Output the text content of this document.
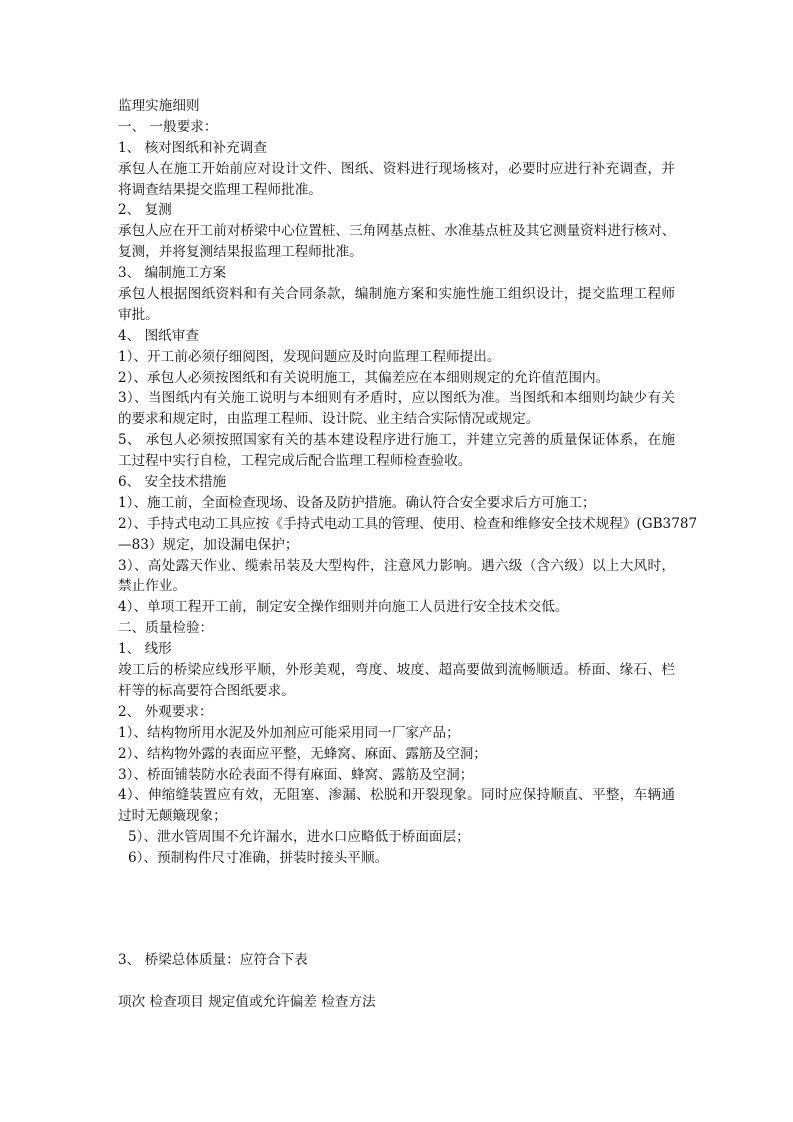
监理实施细则
一、 一般要求：
1、 核对图纸和补充调查
承包人在施工开始前应对设计文件、图纸、资料进行现场核对，必要时应进行补充调查，并
将调查结果提交监理工程师批准。
2、 复测
承包人应在开工前对桥梁中心位置桩、三角网基点桩、水准基点桩及其它测量资料进行核对、
复测，并将复测结果报监理工程师批准。
3、 编制施工方案
承包人根据图纸资料和有关合同条款，编制施方案和实施性施工组织设计，提交监理工程师
审批。
4、 图纸审查
1）、开工前必须仔细阅图，发现问题应及时向监理工程师提出。
2）、承包人必须按图纸和有关说明施工，其偏差应在本细则规定的允许值范围内。
3）、当图纸内有关施工说明与本细则有矛盾时，应以图纸为准。当图纸和本细则均缺少有关
的要求和规定时，由监理工程师、设计院、业主结合实际情况或规定。
5、 承包人必须按照国家有关的基本建设程序进行施工，并建立完善的质量保证体系，在施
工过程中实行自检，工程完成后配合监理工程师检查验收。
6、 安全技术措施
1）、施工前，全面检查现场、设备及防护措施。确认符合安全要求后方可施工；
2）、手持式电动工具应按《手持式电动工具的管理、使用、检查和维修安全技术规程》(GB3787
—83）规定，加设漏电保护；
3）、高处露天作业、缆索吊装及大型构件，注意风力影响。遇六级（含六级）以上大风时，
禁止作业。
4）、单项工程开工前，制定安全操作细则并向施工人员进行安全技术交低。
二、质量检验：
1、 线形
竣工后的桥梁应线形平顺，外形美观，弯度、坡度、超高要做到流畅顺适。桥面、缘石、栏
杆等的标高要符合图纸要求。
2、 外观要求：
1）、结构物所用水泥及外加剂应可能采用同一厂家产品；
2）、结构物外露的表面应平整，无蜂窝、麻面、露筋及空洞；
3）、桥面铺装防水砼表面不得有麻面、蜂窝、露筋及空洞；
4）、伸缩缝装置应有效，无阻塞、渗漏、松脱和开裂现象。同时应保持顺直、平整，车辆通
过时无颠簸现象；
5）、泄水管周围不允许漏水，进水口应略低于桥面面层；
6）、预制构件尺寸准确，拼装时接头平顺。
3、 桥梁总体质量：应符合下表
项次 检查项目 规定值或允许偏差 检查方法
